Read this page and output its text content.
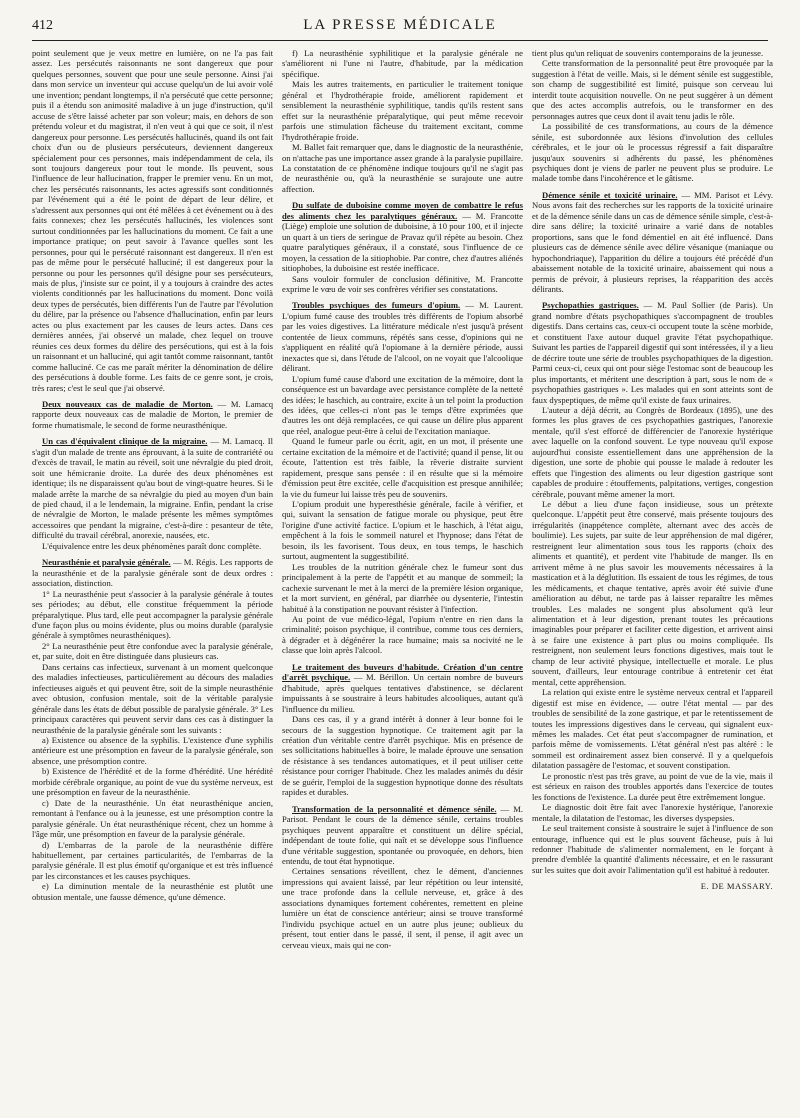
412	LA PRESSE MÉDICALE

point seulement que je veux mettre en lumière, on ne l'a pas fait assez. Les persécutés raisonnants ne sont dangereux que pour quelques personnes, souvent que pour une seule personne. Ainsi j'ai dans mon service un inventeur qui accuse quelqu'un de lui avoir volé une invention; pendant longtemps, il n'a persécuté que cette personne; puis il a étendu son animosité maladive à un juge d'instruction, qu'il accuse de s'être laissé acheter par son voleur; mais, en dehors de son prétendu voleur et du magistrat, il n'en veut à qui que ce soit, il n'est dangereux pour personne. Les persécutés hallucinés, quand ils ont fait choix d'un ou de plusieurs persécuteurs, deviennent dangereux spécialement pour ces personnes, mais indépendamment de cela, ils sont toujours dangereux pour tout le monde. Ils peuvent, sous l'influence de leur hallucination, frapper le premier venu. En un mot, chez les persécutés raisonnants, les actes agressifs sont conditionnés par l'événement qui a été le point de départ de leur délire, et s'adressent aux personnes qui ont été mêlées à cet événement ou à des faits connexes; chez les persécutés hallucinés, les violences sont surtout conditionnées par les hallucinations du moment. Ce fait a une importance pratique; on peut savoir à l'avance quelles sont les personnes, pour qui le persécuté raisonnant est dangereux. Il n'en est pas de même pour le persécuté halluciné; il est dangereux pour la personne ou pour les personnes qu'il désigne pour ses persécuteurs, mais de plus, j'insiste sur ce point, il y a toujours à craindre des actes violents conditionnés par les hallucinations du moment. Donc voilà deux types de persécutés, bien différents l'un de l'autre par l'évolution du délire, par la présence ou l'absence d'hallucination, enfin par leurs actes ou plus exactement par les causes de leurs actes. Dans ces dernières années, j'ai observé un malade, chez lequel on trouve réunies ces deux formes du délire des persécutions, qui est à la fois un raisonnant et un halluciné, qui agit tantôt comme raisonnant, tantôt comme halluciné. Ce cas me paraît mériter la dénomination de délire des persécutions à double forme. Les faits de ce genre sont, je crois, très rares; c'est le seul que j'ai observé.

Deux nouveaux cas de maladie de Morton. — M. Lamacq rapporte deux nouveaux cas de maladie de Morton, le premier de forme rhumatismale, le second de forme neurasthénique.

Un cas d'équivalent clinique de la migraine. — M. Lamacq. Il s'agit d'un malade de trente ans éprouvant, à la suite de contrariété ou d'excès de travail, le matin au réveil, soit une névralgie du pied droit, soit une hémicranie droite. La durée des deux phénomènes est identique; ils ne disparaissent qu'au bout de vingt-quatre heures. Si le malade arrête la marche de sa névralgie du pied au moyen d'un bain de pied chaud, il a le lendemain, la migraine. Enfin, pendant la crise de névralgie de Morton, le malade présente les mêmes symptômes accessoires que pendant la migraine, c'est-à-dire : pesanteur de tête, difficulté du travail cérébral, anorexie, nausées, etc.

L'équivalence entre les deux phénomènes paraît donc complète.

Neurasthénie et paralysie générale. — M. Régis. Les rapports de la neurasthénie et de la paralysie générale sont de deux ordres : association, distinction.

1° La neurasthénie peut s'associer à la paralysie générale à toutes ses périodes; au début, elle constitue fréquemment la période préparalytique. Plus tard, elle peut accompagner la paralysie générale d'une façon plus ou moins évidente, plus ou moins durable (paralysie générale à symptômes neurasthéniques).

2° La neurasthénie peut être confondue avec la paralysie générale, et, par suite, doit en être distinguée dans plusieurs cas.

Dans certains cas infectieux, survenant à un moment quelconque des maladies infectieuses, particulièrement au décours des maladies infectieuses aiguës et qui peuvent être, soit de la simple neurasthénie avec obtusion, confusion mentale, soit de la véritable paralysie générale dans les états de début possible de paralysie générale. 3° Les principaux caractères qui peuvent servir dans ces cas à distinguer la neurasthénie de la paralysie générale sont les suivants :

a) Existence ou absence de la syphilis. L'existence d'une syphilis antérieure est une présomption en faveur de la paralysie générale, son absence, une présomption contre.

b) Existence de l'hérédité et de la forme d'hérédité. Une hérédité morbide cérébrale organique, au point de vue du système nerveux, est une présomption en faveur de la neurasthénie.

c) Date de la neurasthénie. Un état neurasthénique ancien, remontant à l'enfance ou à la jeunesse, est une présomption contre la paralysie générale. Un état neurasthénique récent, chez un homme à l'âge mûr, une présomption en faveur de la paralysie générale.

d) L'embarras de la parole de la neurasthénie diffère habituellement, par certaines particularités, de l'embarras de la paralysie générale. Il est plus émotif qu'organique et est très influencé par les circonstances et les causes psychiques.

e) La diminution mentale de la neurasthénie est plutôt une obtusion mentale, une fausse démence, qu'une démence.

f) La neurasthénie syphilitique et la paralysie générale ne s'améliorent ni l'une ni l'autre, d'habitude, par la médication spécifique.

Mais les autres traitements, en particulier le traitement tonique général et l'hydrothérapie froide, améliorent rapidement et sensiblement la neurasthénie syphilitique, tandis qu'ils restent sans effet sur la neurasthénie préparalytique, qui peut même recevoir parfois une stimulation fâcheuse du traitement excitant, comme l'hydrothérapie froide.

M. Ballet fait remarquer que, dans le diagnostic de la neurasthénie, on n'attache pas une importance assez grande à la paralysie pupillaire. La constatation de ce phénomène indique toujours qu'il ne s'agit pas de neurasthénie ou, qu'à la neurasthénie se surajoute une autre affection.

Du sulfate de duboisine comme moyen de combattre le refus des aliments chez les paralytiques généraux. — M. Francotte (Liège) emploie une solution de duboisine, à 10 pour 100, et il injecte un quart à un tiers de seringue de Pravaz qu'il répète au besoin. Chez quatre paralytiques généraux, il a constaté, sous l'influence de ce moyen, la cessation de la sitiophobie. Par contre, chez d'autres aliénés sitiophobes, la duboisine est restée inefficace.

Sans vouloir formuler de conclusion définitive, M. Francotte exprime le vœu de voir ses confrères vérifier ses constatations.

Troubles psychiques des fumeurs d'opium. — M. Laurent. L'opium fumé cause des troubles très différents de l'opium absorbé par les voies digestives. La littérature médicale n'est jusqu'à présent contentée de lieux communs, répétés sans cesse, d'opinions qui ne s'appliquent en réalité qu'à l'opiomane à la dernière période, aussi inexactes que si, dans l'étude de l'alcool, on ne voyait que l'alcoolique délirant.

L'opium fumé cause d'abord une excitation de la mémoire, dont la conséquence est un bavardage avec persistance complète de la netteté des idées; le haschich, au contraire, excite à un tel point la production des idées, que celles-ci n'ont pas le temps d'être exprimées que d'autres les ont déjà remplacées, ce qui cause un délire plus apparent que réel, analogue peut-être à celui de l'excitation maniaque.

Quand le fumeur parle ou écrit, agit, en un mot, il présente une certaine excitation de la mémoire et de l'activité; quand il pense, lit ou écoute, l'attention est très faible, la rêverie distraite survient rapidement, presque sans pensée : il en résulte que si la mémoire d'émission peut être excitée, celle d'acquisition est presque annihilée; la vie du fumeur lui laisse très peu de souvenirs.

L'opium produit une hyperesthésie générale, facile à vérifier, et qui, suivant la sensation de fatigue morale ou physique, peut être l'origine d'une activité factice. L'opium et le haschich, à l'état aigu, empêchent à la fois le sommeil naturel et l'hypnose; dans l'état de besoin, ils les favorisent. Tous deux, en tous temps, le haschich surtout, augmentent la suggestibilité.

Les troubles de la nutrition générale chez le fumeur sont dus principalement à la perte de l'appétit et au manque de sommeil; la cachexie survenant le met à la merci de la première lésion organique, et la mort survient, en général, par diarrhée ou dysenterie, l'intestin habitué à la constipation ne pouvant résister à l'infection.

Au point de vue médico-légal, l'opium n'entre en rien dans la criminalité; poison psychique, il contribue, comme tous ces derniers, à dégrader et à dégénérer la race humaine; mais sa nocivité ne le classe que loin après l'alcool.

Le traitement des buveurs d'habitude. Création d'un centre d'arrêt psychique. — M. Bérillon. Un certain nombre de buveurs d'habitude, après quelques tentatives d'abstinence, se déclarent impuissants à se soustraire à leurs habitudes alcooliques, autant qu'à l'influence du milieu.

Dans ces cas, il y a grand intérêt à donner à leur bonne foi le secours de la suggestion hypnotique. Ce traitement agit par la création d'un véritable centre d'arrêt psychique. Mis en présence de ses sollicitations habituelles à boire, le malade éprouve une sensation de résistance à ses tendances automatiques, et il peut utiliser cette résistance pour corriger l'habitude. Chez les malades animés du désir de se guérir, l'emploi de la suggestion hypnotique donne des résultats rapides et durables.

Transformation de la personnalité et démence sénile. — M. Parisot. Pendant le cours de la démence sénile, certains troubles psychiques peuvent apparaître et constituent un délire spécial, indépendant de toute folie, qui naît et se développe sous l'influence d'une véritable suggestion, spontanée ou provoquée, en dehors, bien entendu, de tout état hypnotique.

Certaines sensations réveillent, chez le dément, d'anciennes impressions qui avaient laissé, par leur répétition ou leur intensité, une trace profonde dans la cellule nerveuse, et, grâce à des associations dynamiques fortement cohérentes, remettent en pleine lumière un état de conscience antérieur; ainsi se trouve transformé l'individu psychique actuel en un autre plus jeune; oublieux du présent, tout entier dans le passé, il sent, il pense, il agit avec un cerveau vieux, mais qui ne con-

tient plus qu'un reliquat de souvenirs contemporains de la jeunesse.

Cette transformation de la personnalité peut être provoquée par la suggestion à l'état de veille. Mais, si le dément sénile est suggestible, son champ de suggestibilité est limité, puisque son cerveau lui interdit toute acquisition nouvelle. On ne peut suggérer à un dément que des actes accomplis autrefois, ou le transformer en des personnages autres que ceux dont il avait tenu jadis le rôle.

La possibilité de ces transformations, au cours de la démence sénile, est subordonnée aux lésions d'involution des cellules cérébrales, et le jour où le processus régressif a fait disparaître jusqu'aux souvenirs si adhérents du passé, les phénomènes psychiques dont je viens de parler ne peuvent plus se produire. Le malade tombe dans l'incohérence et le gâtisme.

Démence sénile et toxicité urinaire. — MM. Parisot et Lévy. Nous avons fait des recherches sur les rapports de la toxicité urinaire et de la démence sénile dans un cas de démence sénile simple, c'est-à-dire sans délire; la toxicité urinaire a varié dans de notables proportions, sans que le fond démentiel en ait été influencé. Dans plusieurs cas de démence sénile avec délire vésanique (maniaque ou hypochondriaque), l'apparition du délire a toujours été précédé d'un abaissement notable de la toxicité urinaire, abaissement qui nous a permis de prévoir, à plusieurs reprises, la réapparition des accès délirants.

Psychopathies gastriques. — M. Paul Sollier (de Paris). Un grand nombre d'états psychopathiques s'accompagnent de troubles digestifs. Dans certains cas, ceux-ci occupent toute la scène morbide, et constituent l'axe autour duquel gravite l'état psychopathique. Suivant les parties de l'appareil digestif qui sont intéressées, il y a lieu de décrire toute une série de troubles psychopathiques de la digestion. Parmi ceux-ci, ceux qui ont pour siège l'estomac sont de beaucoup les plus importants, et méritent une description à part, sous le nom de « psychopathies gastriques ». Les malades qui en sont atteints sont de faux dyspeptiques, de même qu'il existe de faux urinaires.

L'auteur a déjà décrit, au Congrès de Bordeaux (1895), une des formes les plus graves de ces psychopathies gastriques, l'anorexie mentale, qu'il s'est efforcé de différencier de l'anorexie hystérique avec laquelle on la confond souvent. Le type nouveau qu'il expose aujourd'hui consiste essentiellement dans une appréhension de la digestion, une sorte de phobie qui pousse le malade à redouter les effets que l'ingestion des aliments ou leur digestion gastrique sont capables de produire : étouffements, palpitations, vertiges, congestion cérébrale, pouvant même amener la mort.

Le début a lieu d'une façon insidieuse, sous un prétexte quelconque. L'appétit peut être conservé, mais présente toujours des irrégularités (inappétence complète, alternant avec des accès de boulimie). Les sujets, par suite de leur appréhension de mal digérer, restreignent leur alimentation sous tous les rapports (choix des aliments et quantité), et perdent vite l'habitude de manger. Ils en arrivent même à ne plus savoir les mouvements nécessaires à la mastication et à la déglutition. Ils essaient de tous les régimes, de tous les médicaments, et chaque tentative, après avoir été suivie d'une amélioration au début, ne tarde pas à laisser reparaître les mêmes troubles. Les malades ne songent plus absolument qu'à leur alimentation et à leur digestion, prenant toutes les précautions imaginables pour préparer et faciliter cette digestion, et arrivent ainsi à se faire une existence à part plus ou moins compliquée. Ils restreignent, non seulement leurs fonctions digestives, mais tout le champ de leur activité physique, intellectuelle et morale. Le plus souvent, d'ailleurs, leur entourage contribue à entretenir cet état mental, cette appréhension.

La relation qui existe entre le système nerveux central et l'appareil digestif est mise en évidence, — outre l'état mental — par des troubles de sensibilité de la zone gastrique, et par le retentissement de toutes les impressions digestives dans le cerveau, qui signalent eux-mêmes les malades. Cet état peut s'accompagner de rumination, et parfois même de vomissements. L'état général n'est pas altéré : le sommeil est ordinairement assez bien conservé. Il y a quelquefois dilatation passagère de l'estomac, et souvent constipation.

Le pronostic n'est pas très grave, au point de vue de la vie, mais il est sérieux en raison des troubles apportés dans l'exercice de toutes les fonctions de l'existence. La durée peut être extrêmement longue.

Le diagnostic doit être fait avec l'anorexie hystérique, l'anorexie mentale, la dilatation de l'estomac, les diverses dyspepsies.

Le seul traitement consiste à soustraire le sujet à l'influence de son entourage, influence qui est le plus souvent fâcheuse, puis à lui redonner l'habitude de s'alimenter normalement, en le forçant à prendre d'emblée la quantité d'aliments nécessaire, et en le rassurant sur les suites que doit avoir l'alimentation qu'il est habitué à redouter.

E. DE MASSARY.
